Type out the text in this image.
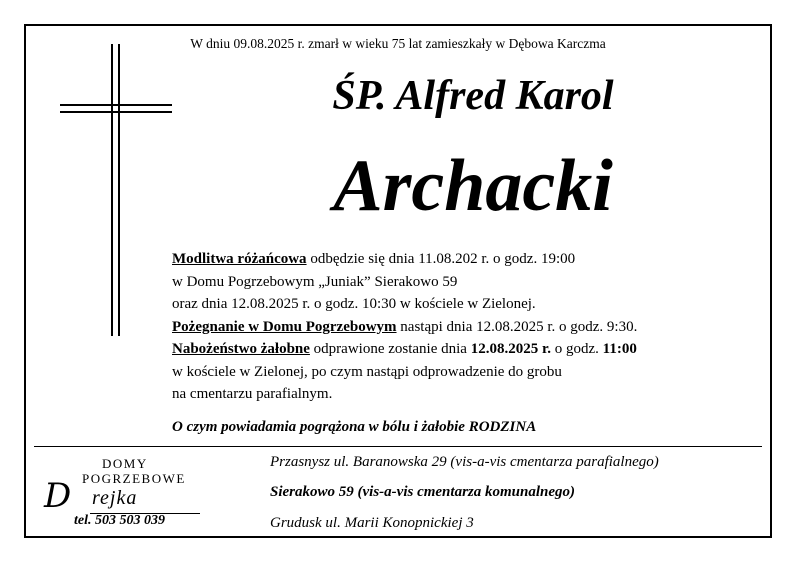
W dniu 09.08.2025 r. zmarł w wieku 75 lat zamieszkały w Dębowa Karczma
ŚP. Alfred Karol
Archacki
Modlitwa różańcowa odbędzie się dnia 11.08.202 r. o godz. 19:00
w Domu Pogrzebowym „Juniak” Sierakowo 59
oraz dnia 12.08.2025 r. o godz. 10:30 w kościele w Zielonej.
Pożegnanie w Domu Pogrzebowym nastąpi dnia 12.08.2025 r. o godz. 9:30.
Nabożeństwo żałobne odprawione zostanie dnia 12.08.2025 r. o godz. 11:00
w kościele w Zielonej, po czym nastąpi odprowadzenie do grobu
na cmentarzu parafialnym.
O czym powiadamia pogrążona w bólu i żałobie RODZINA
DOMY
POGRZEBOWE
D rejka
tel. 503 503 039
Przasnysz ul. Baranowska 29 (vis-a-vis cmentarza parafialnego)
Sierakowo 59 (vis-a-vis cmentarza komunalnego)
Grudusk ul. Marii Konopnickiej 3
